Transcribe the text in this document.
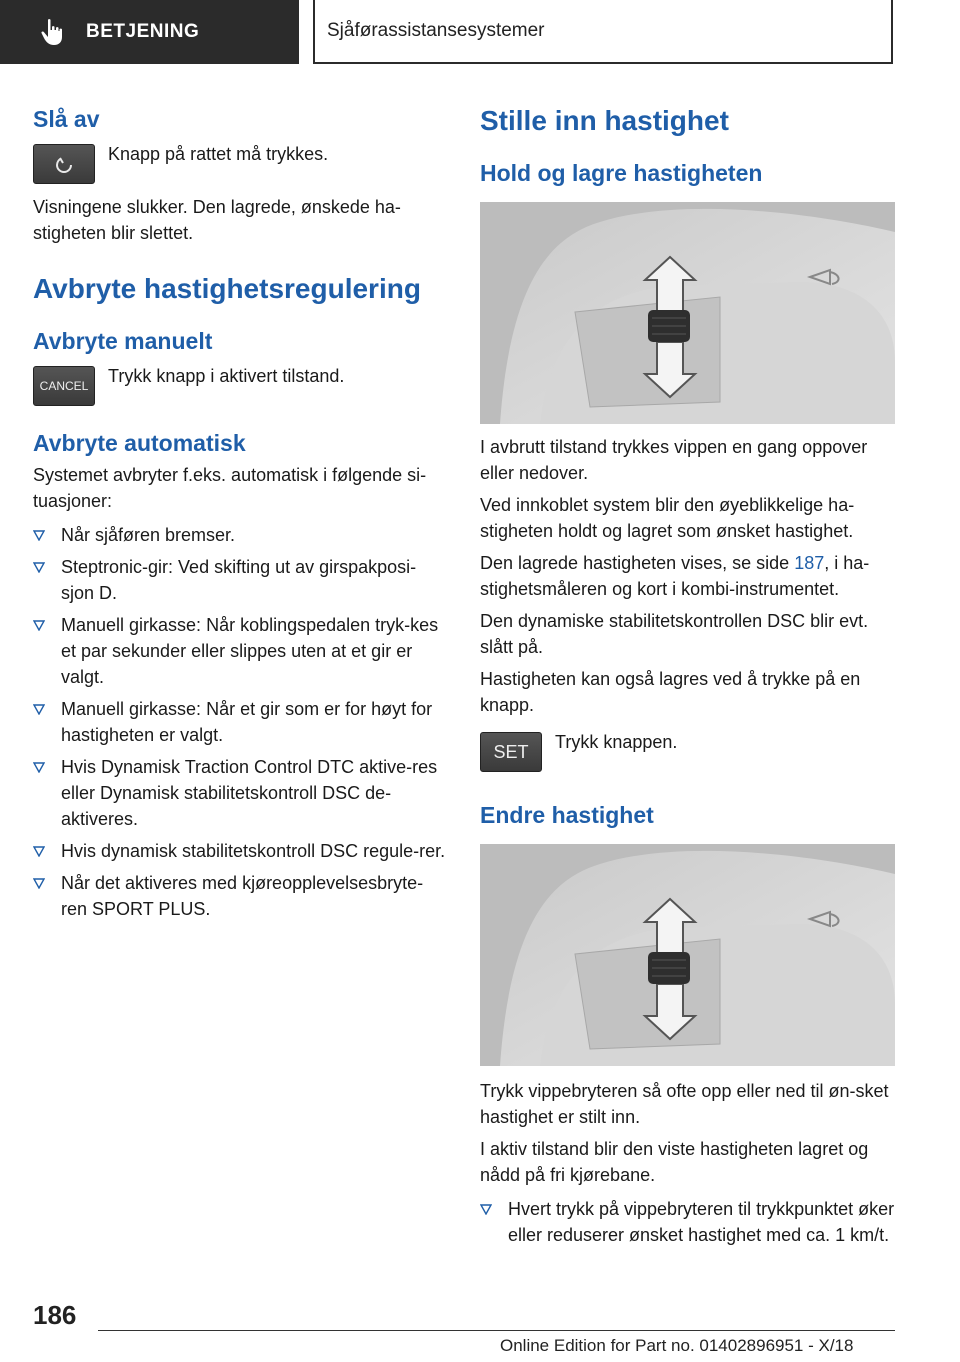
BETJENING	Sjåførassistansesystemer
Slå av
Knapp på rattet må trykkes.

Visningene slukker. Den lagrede, ønskede ha-stigheten blir slettet.

Avbryte hastighetsregulering
Avbryte manuelt
CANCEL Trykk knapp i aktivert tilstand.
Avbryte automatisk

Systemet avbryter f.eks. automatisk i følgende si-tuasjoner:

Når sjåføren bremser.
Steptronic-gir: Ved skifting ut av girspakposi-sjon D.
Manuell girkasse: Når koblingspedalen tryk-kes et par sekunder eller slippes uten at et gir er valgt.
Manuell girkasse: Når et gir som er for høyt for hastigheten er valgt.
Hvis Dynamisk Traction Control DTC aktive-res eller Dynamisk stabilitetskontroll DSC de-aktiveres.
Hvis dynamisk stabilitetskontroll DSC regule-rer.
Når det aktiveres med kjøreopplevelsesbryte-ren SPORT PLUS.
Stille inn hastighet
Hold og lagre hastigheten

I avbrutt tilstand trykkes vippen en gang oppover eller nedover.

Ved innkoblet system blir den øyeblikkelige ha-stigheten holdt og lagret som ønsket hastighet.

Den lagrede hastigheten vises, se side 187, i ha-stighetsmåleren og kort i kombi-instrumentet.

Den dynamiske stabilitetskontrollen DSC blir evt. slått på.

Hastigheten kan også lagres ved å trykke på en knapp.

SET Trykk knappen.
Endre hastighet

Trykk vippebryteren så ofte opp eller ned til øn-sket hastighet er stilt inn.

I aktiv tilstand blir den viste hastigheten lagret og nådd på fri kjørebane.

Hvert trykk på vippebryteren til trykkpunktet øker eller reduserer ønsket hastighet med ca. 1 km/t.
186
Online Edition for Part no. 01402896951 - X/18
